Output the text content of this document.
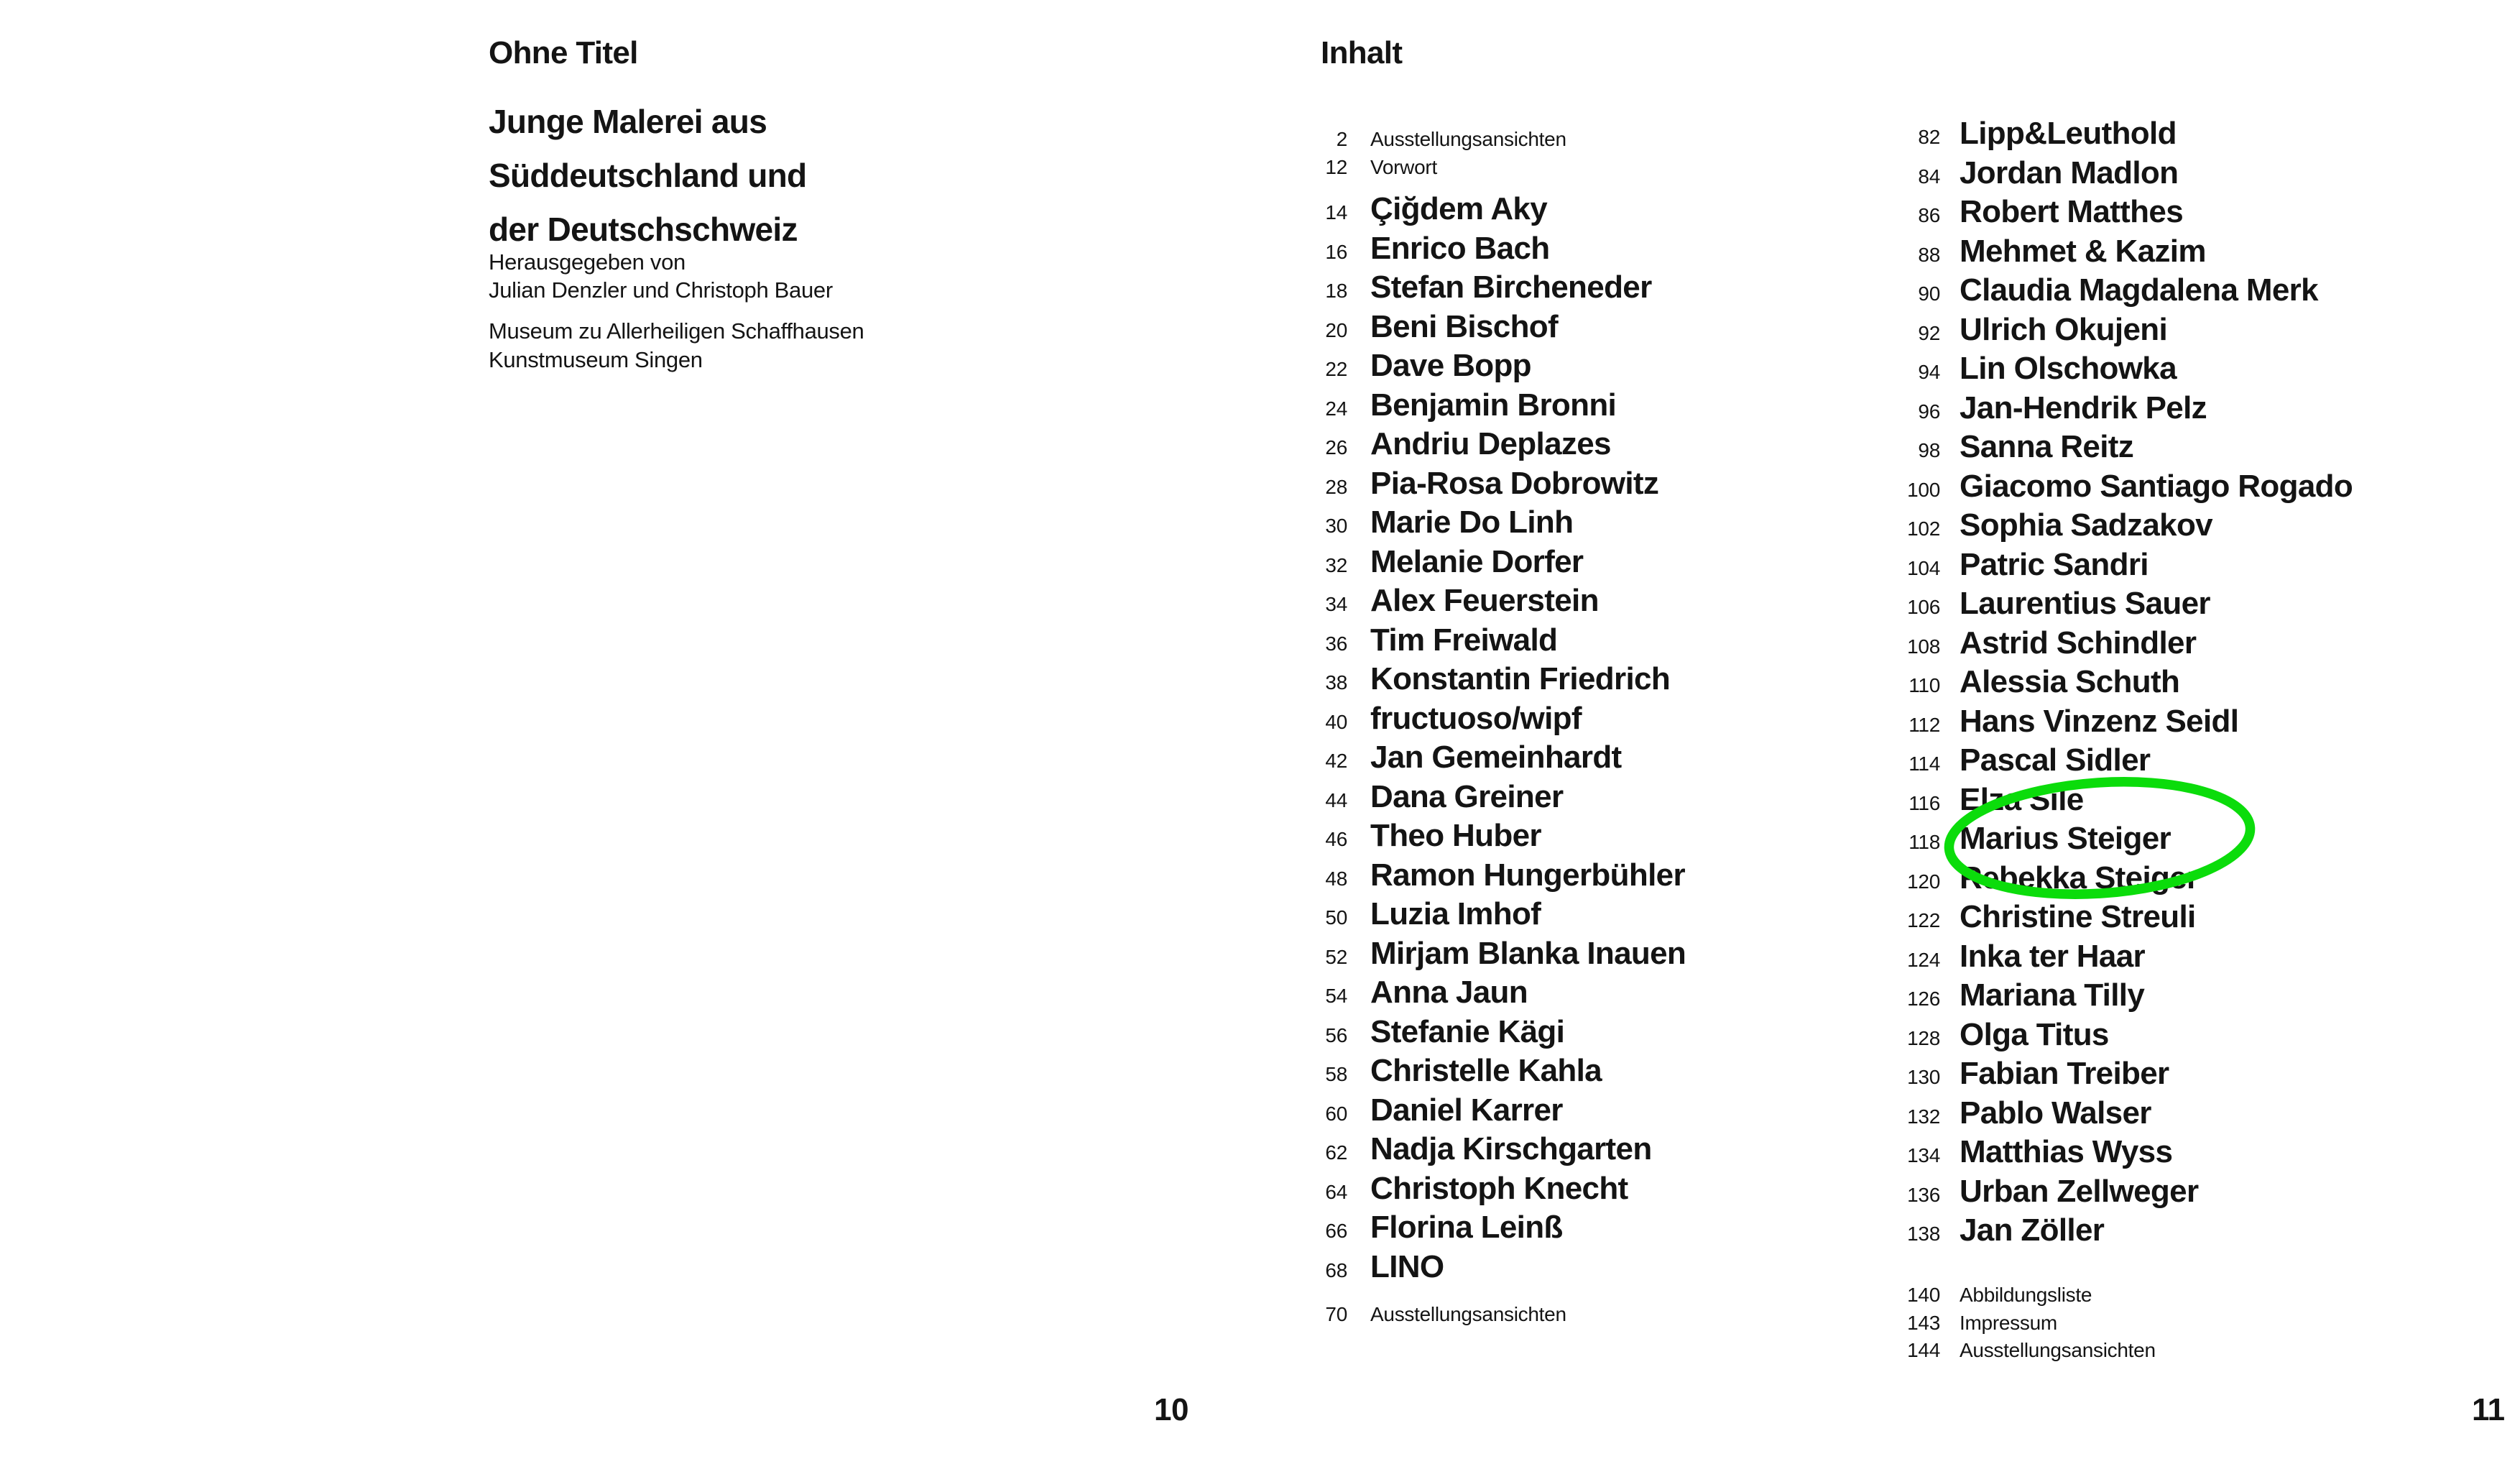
Ohne Titel
Junge Malerei aus
Süddeutschland und
der Deutschschweiz
Herausgegeben von
Julian Denzler und Christoph Bauer
Museum zu Allerheiligen Schaffhausen
Kunstmuseum Singen
10
Inhalt
2 Ausstellungsansichten
12 Vorwort
14 Çiğdem Aky
16 Enrico Bach
18 Stefan Bircheneder
20 Beni Bischof
22 Dave Bopp
24 Benjamin Bronni
26 Andriu Deplazes
28 Pia-Rosa Dobrowitz
30 Marie Do Linh
32 Melanie Dorfer
34 Alex Feuerstein
36 Tim Freiwald
38 Konstantin Friedrich
40 fructuoso/wipf
42 Jan Gemeinhardt
44 Dana Greiner
46 Theo Huber
48 Ramon Hungerbühler
50 Luzia Imhof
52 Mirjam Blanka Inauen
54 Anna Jaun
56 Stefanie Kägi
58 Christelle Kahla
60 Daniel Karrer
62 Nadja Kirschgarten
64 Christoph Knecht
66 Florina Leinß
68 LINO
70 Ausstellungsansichten
82 Lipp&Leuthold
84 Jordan Madlon
86 Robert Matthes
88 Mehmet & Kazim
90 Claudia Magdalena Merk
92 Ulrich Okujeni
94 Lin Olschowka
96 Jan-Hendrik Pelz
98 Sanna Reitz
100 Giacomo Santiago Rogado
102 Sophia Sadzakov
104 Patric Sandri
106 Laurentius Sauer
108 Astrid Schindler
110 Alessia Schuth
112 Hans Vinzenz Seidl
114 Pascal Sidler
116 Elza Sile
118 Marius Steiger
120 Rebekka Steiger
122 Christine Streuli
124 Inka ter Haar
126 Mariana Tilly
128 Olga Titus
130 Fabian Treiber
132 Pablo Walser
134 Matthias Wyss
136 Urban Zellweger
138 Jan Zöller
140 Abbildungsliste
143 Impressum
144 Ausstellungsansichten
11
